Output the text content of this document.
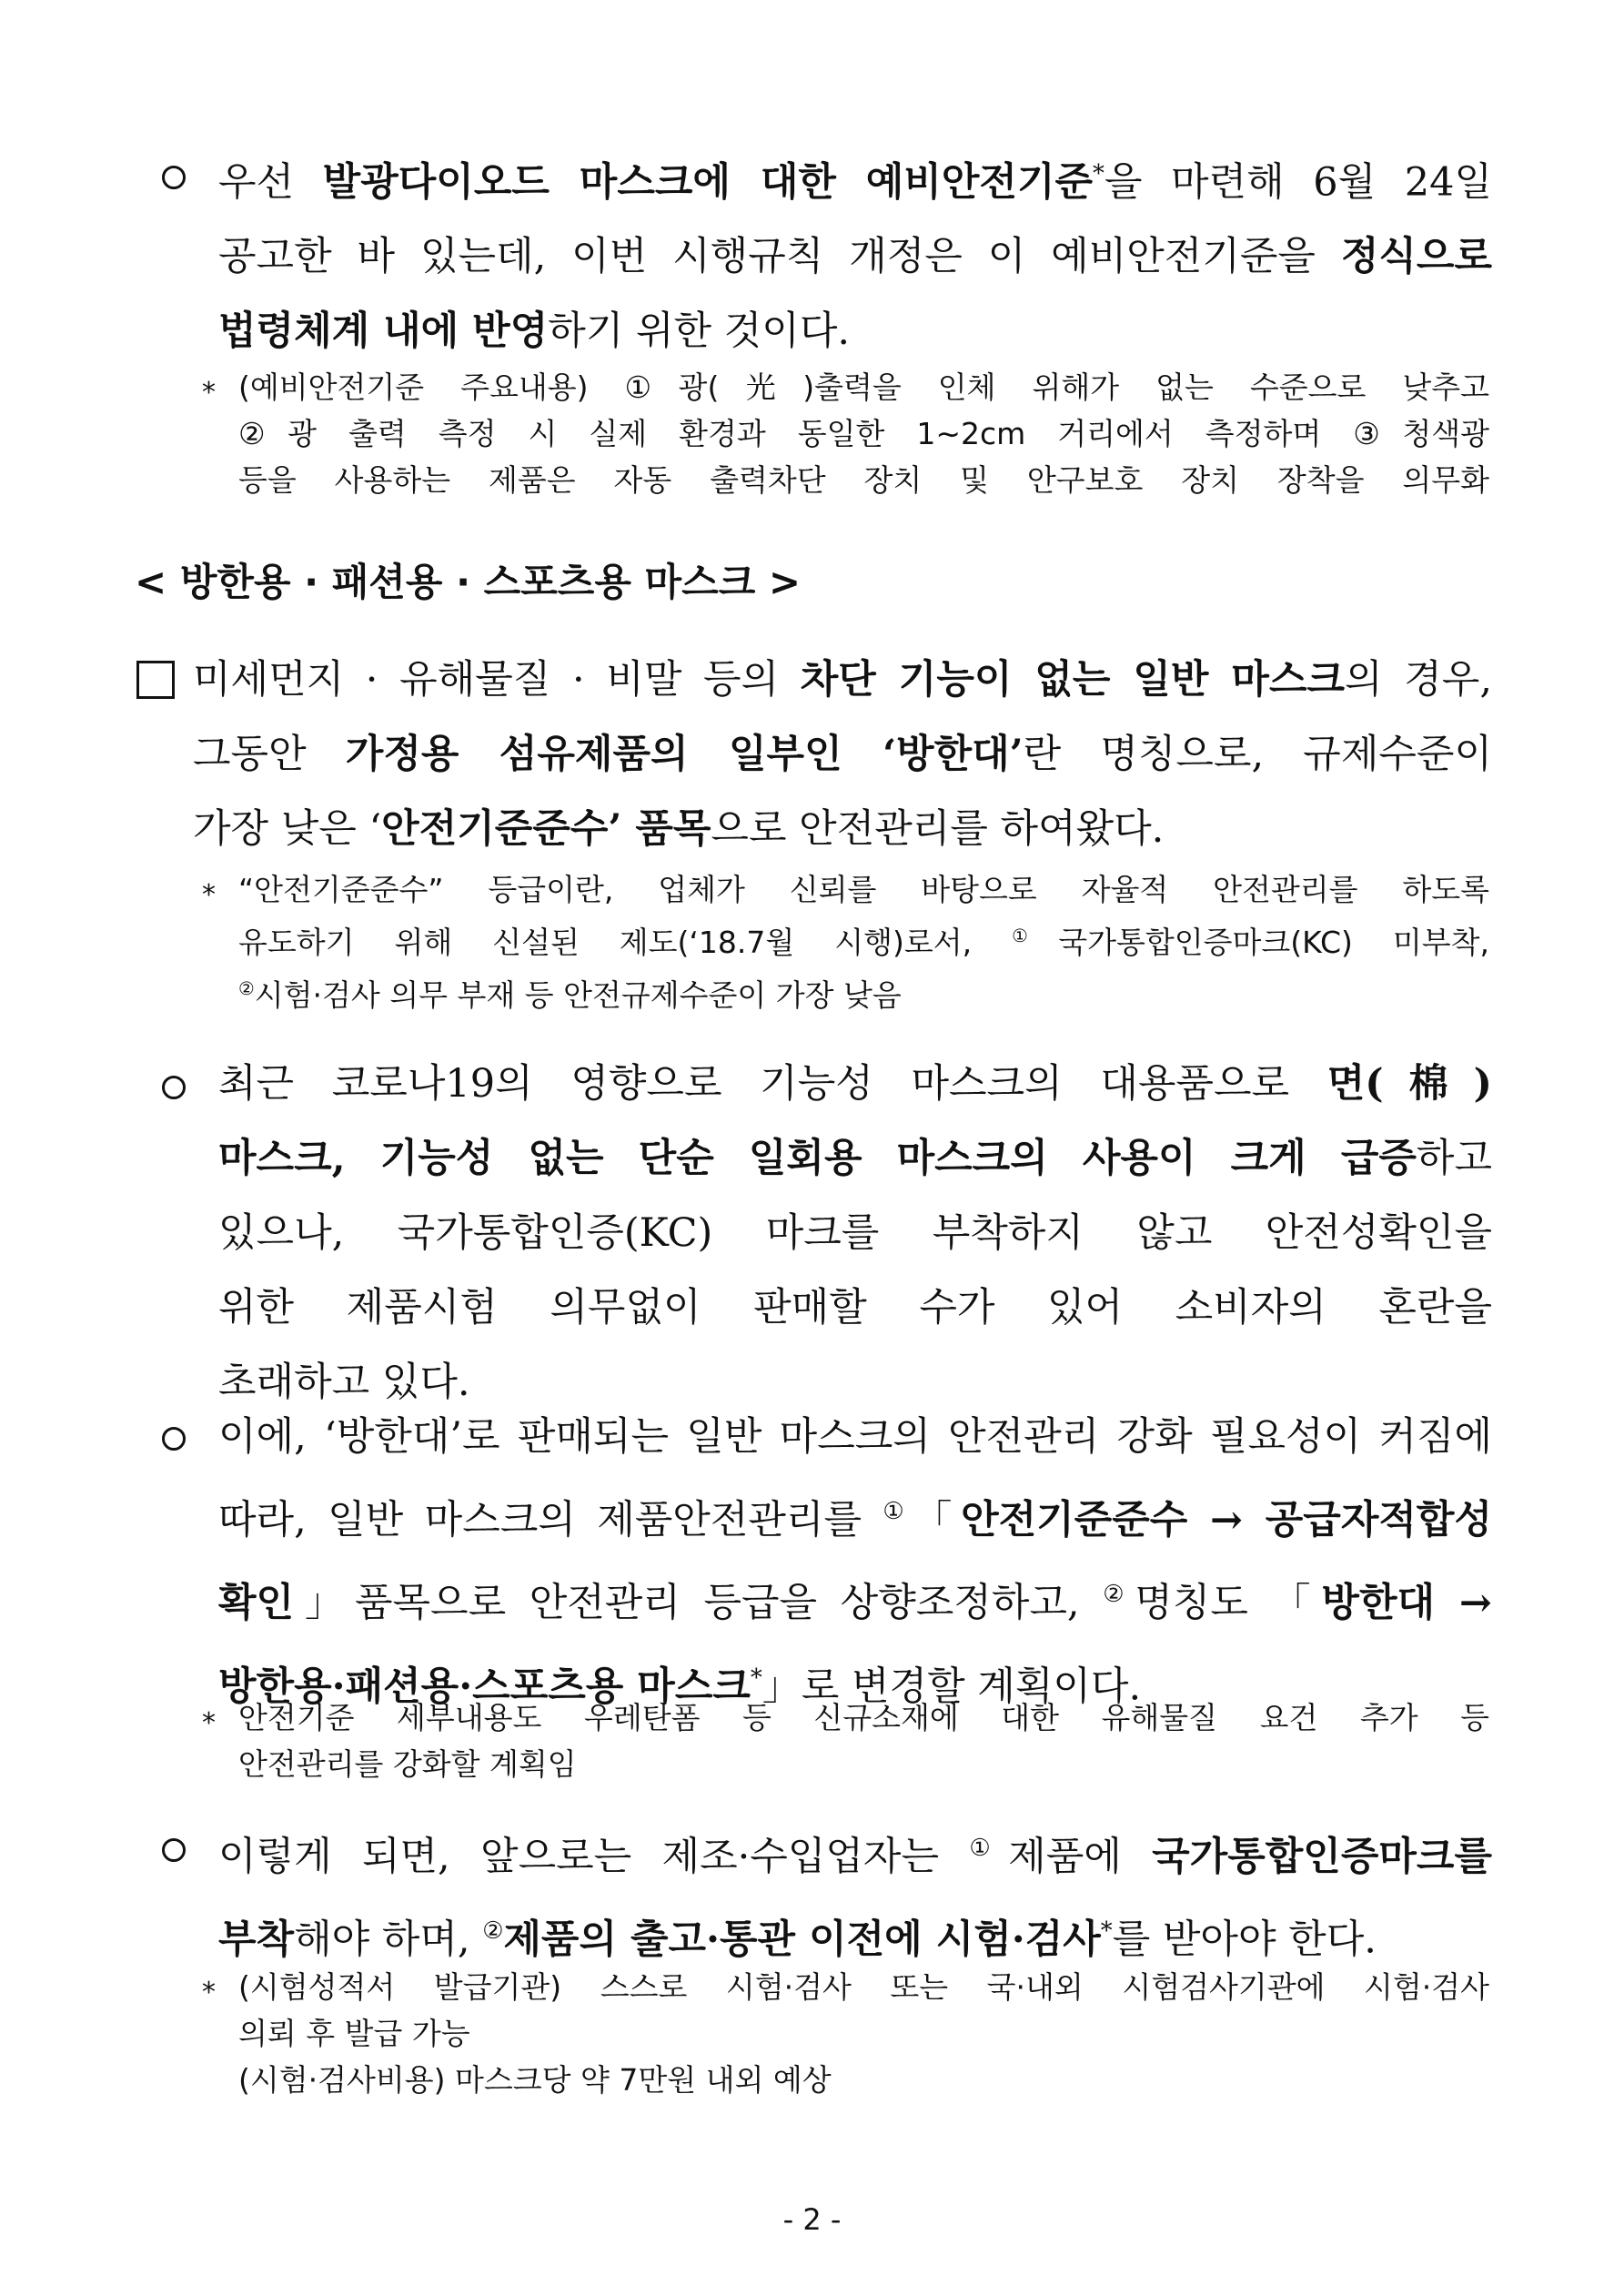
우선 발광다이오드 마스크에 대한 예비안전기준*을 마련해 6월 24일
공고한 바 있는데, 이번 시행규칙 개정은 이 예비안전기준을 정식으로
법령체계 내에 반영하기 위한 것이다.
* (예비안전기준 주요내용) ①광(光)출력을 인체 위해가 없는 수준으로 낮추고
②광 출력 측정 시 실제 환경과 동일한 1∼2cm 거리에서 측정하며 ③청색광
등을 사용하는 제품은 자동 출력차단 장치 및 안구보호 장치 장착을 의무화
< 방한용 · 패션용 · 스포츠용 마스크 >
미세먼지 · 유해물질 · 비말 등의 차단 기능이 없는 일반 마스크의 경우,
그동안 가정용 섬유제품의 일부인 ‘방한대’란 명칭으로, 규제수준이
가장 낮은 ‘안전기준준수’ 품목으로 안전관리를 하여왔다.
* “안전기준준수” 등급이란, 업체가 신뢰를 바탕으로 자율적 안전관리를 하도록
유도하기 위해 신설된 제도(‘18.7월 시행)로서, ①국가통합인증마크(KC) 미부착,
②시험·검사 의무 부재 등 안전규제수준이 가장 낮음
최근 코로나19의 영향으로 기능성 마스크의 대용품으로 면(棉)
마스크, 기능성 없는 단순 일회용 마스크의 사용이 크게 급증하고
있으나, 국가통합인증(KC) 마크를 부착하지 않고 안전성확인을
위한 제품시험 의무없이 판매할 수가 있어 소비자의 혼란을
초래하고 있다.
이에, ‘방한대’로 판매되는 일반 마스크의 안전관리 강화 필요성이 커짐에
따라, 일반 마스크의 제품안전관리를 ①「안전기준준수 → 공급자적합성
확인」품목으로 안전관리 등급을 상향조정하고, ②명칭도 「방한대 →
방한용·패션용·스포츠용 마스크*」로 변경할 계획이다.
* 안전기준 세부내용도 우레탄폼 등 신규소재에 대한 유해물질 요건 추가 등
안전관리를 강화할 계획임
이렇게 되면, 앞으로는 제조·수입업자는 ①제품에 국가통합인증마크를
부착해야 하며, ②제품의 출고·통관 이전에 시험·검사*를 받아야 한다.
* (시험성적서 발급기관) 스스로 시험·검사 또는 국·내외 시험검사기관에 시험·검사
의뢰 후 발급 가능
(시험·검사비용) 마스크당 약 7만원 내외 예상
- 2 -
